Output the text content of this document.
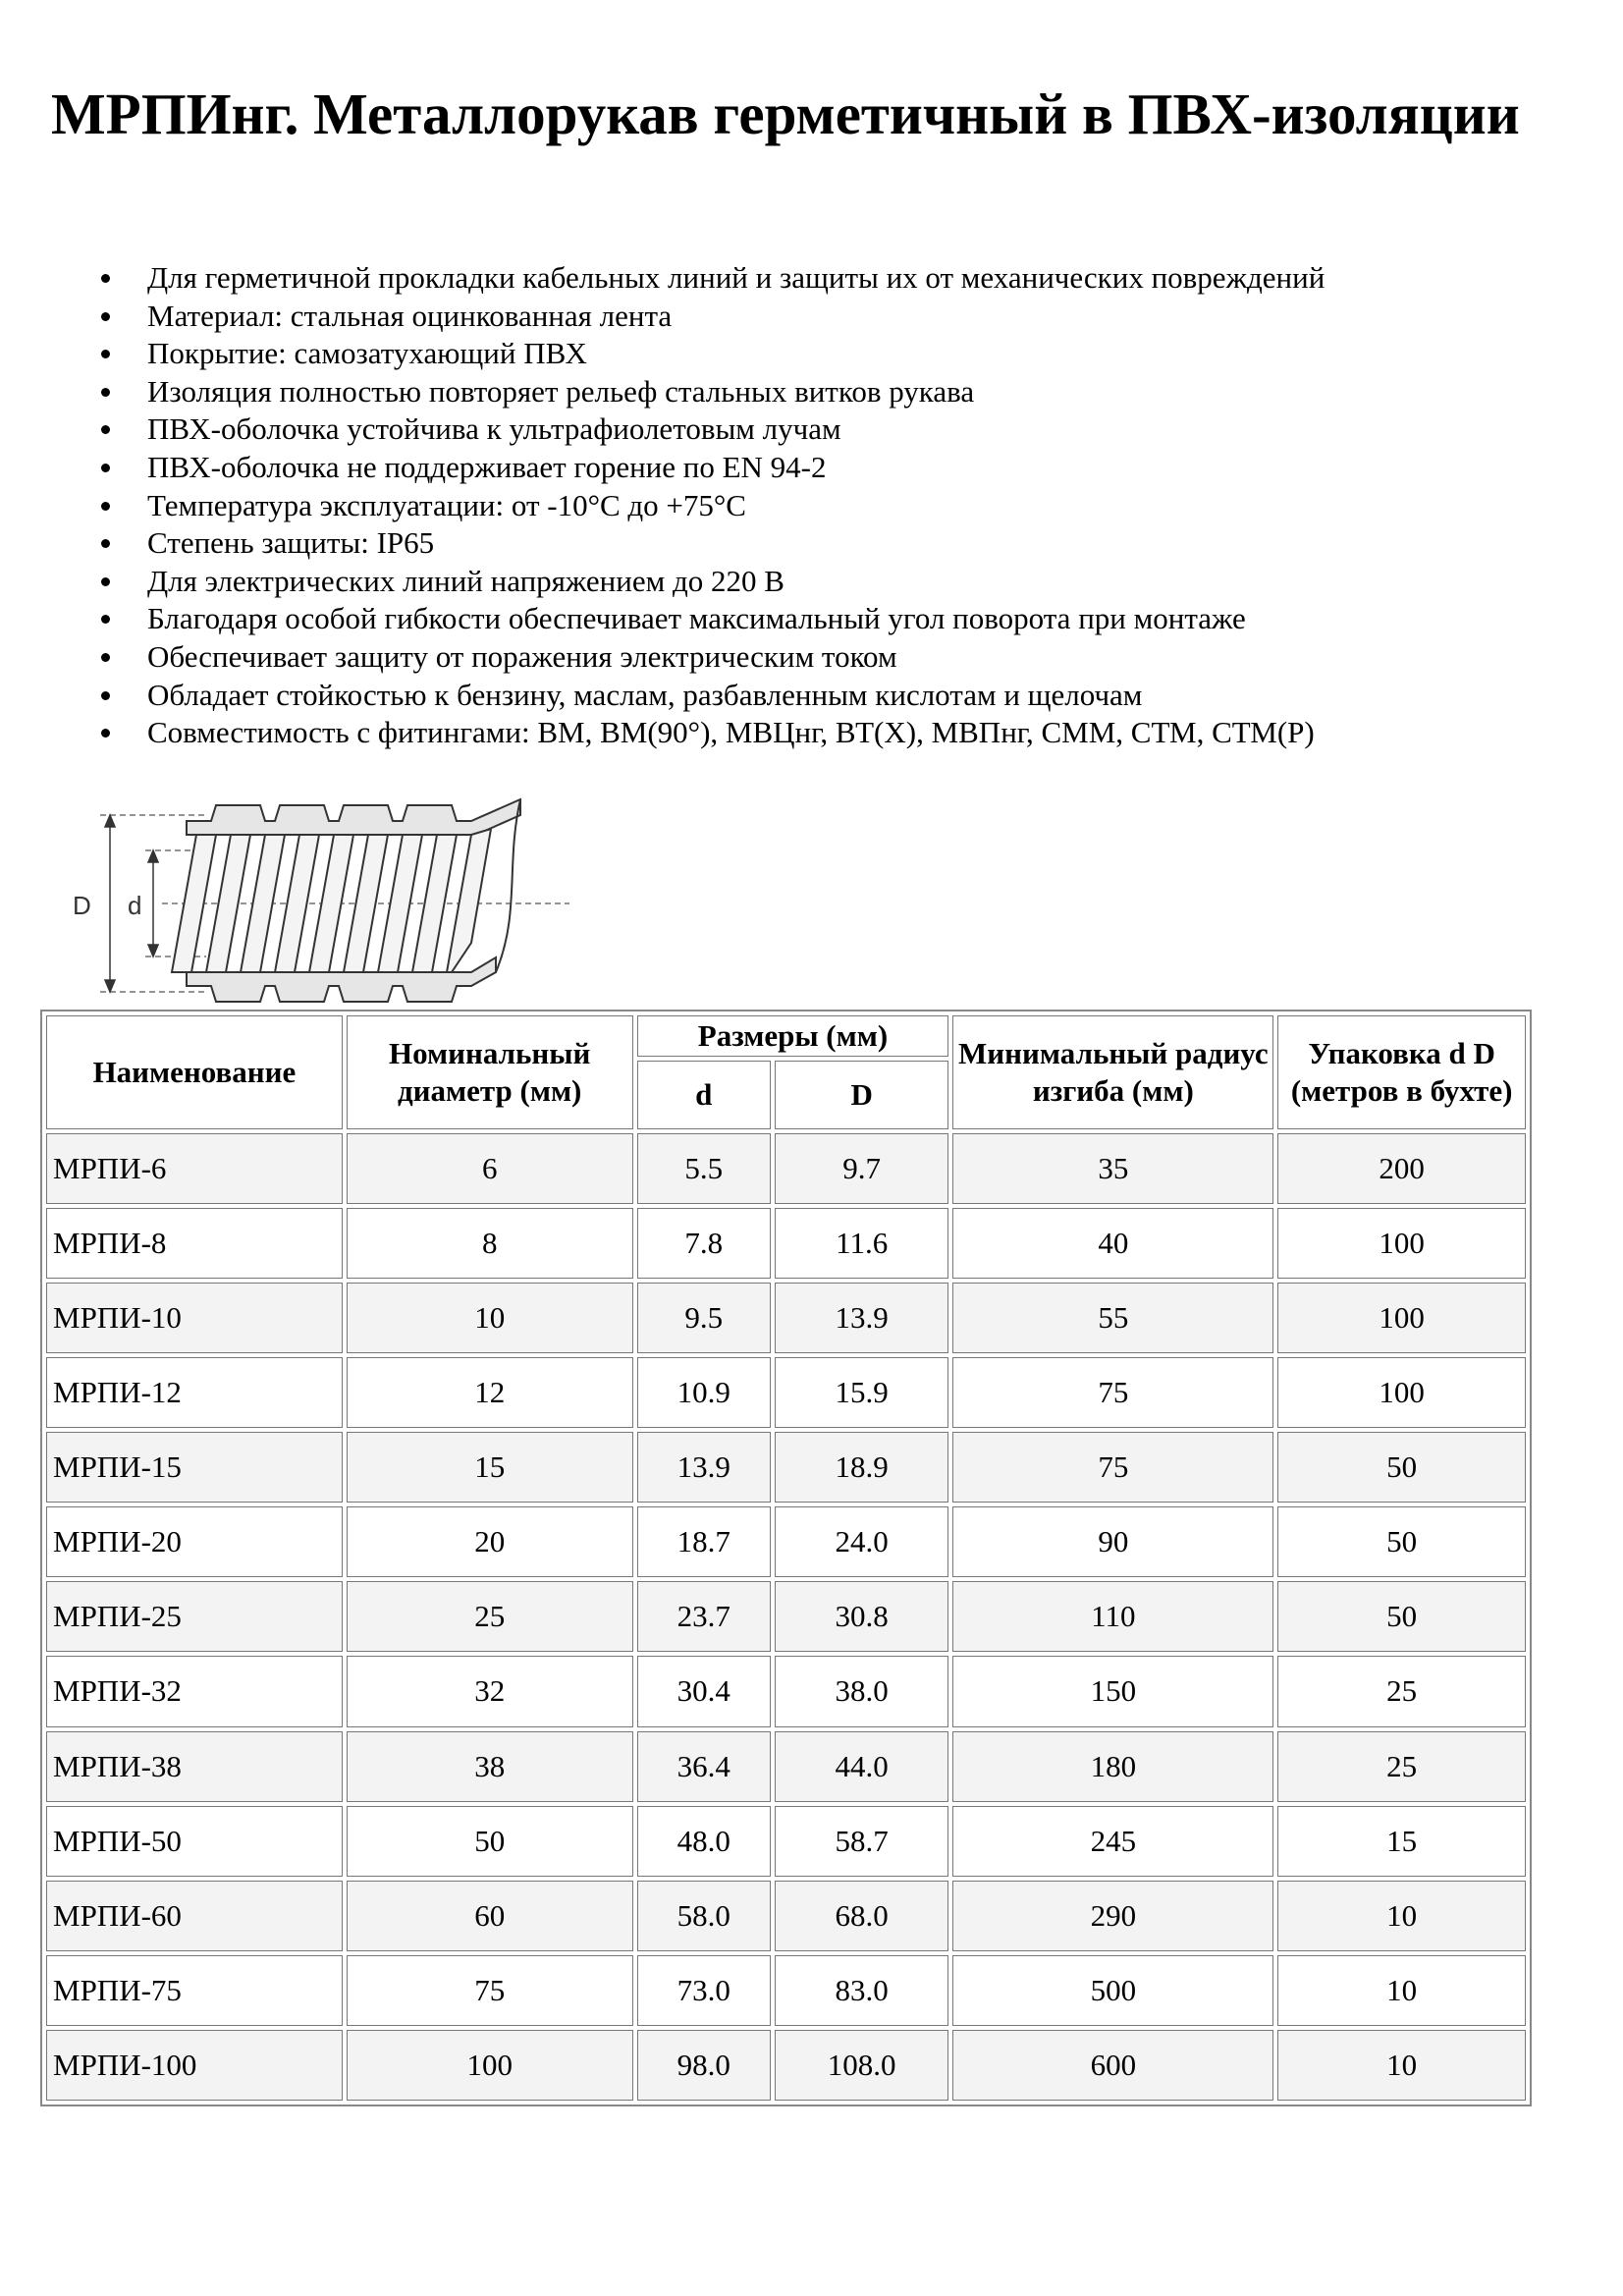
МРПИнг. Металлорукав герметичный в ПВХ-изоляции
Для герметичной прокладки кабельных линий и защиты их от механических повреждений
Материал: стальная оцинкованная лента
Покрытие: самозатухающий ПВХ
Изоляция полностью повторяет рельеф стальных витков рукава
ПВХ-оболочка устойчива к ультрафиолетовым лучам
ПВХ-оболочка не поддерживает горение по EN 94-2
Температура эксплуатации: от -10°C до +75°C
Степень защиты: IP65
Для электрических линий напряжением до 220 В
Благодаря особой гибкости обеспечивает максимальный угол поворота при монтаже
Обеспечивает защиту от поражения электрическим током
Обладает стойкостью к бензину, маслам, разбавленным кислотам и щелочам
Совместимость с фитингами: ВМ, ВМ(90°), МВЦнг, ВТ(Х), МВПнг, СММ, СТМ, СТМ(Р)
D d
Наименование	Номинальный диаметр (мм)	Размеры (мм)		Минимальный радиус изгиба (мм)	Упаковка d D (метров в бухте)
		d	D		
МРПИ-6	6	5.5	9.7	35	200
МРПИ-8	8	7.8	11.6	40	100
МРПИ-10	10	9.5	13.9	55	100
МРПИ-12	12	10.9	15.9	75	100
МРПИ-15	15	13.9	18.9	75	50
МРПИ-20	20	18.7	24.0	90	50
МРПИ-25	25	23.7	30.8	110	50
МРПИ-32	32	30.4	38.0	150	25
МРПИ-38	38	36.4	44.0	180	25
МРПИ-50	50	48.0	58.7	245	15
МРПИ-60	60	58.0	68.0	290	10
МРПИ-75	75	73.0	83.0	500	10
МРПИ-100	100	98.0	108.0	600	10
